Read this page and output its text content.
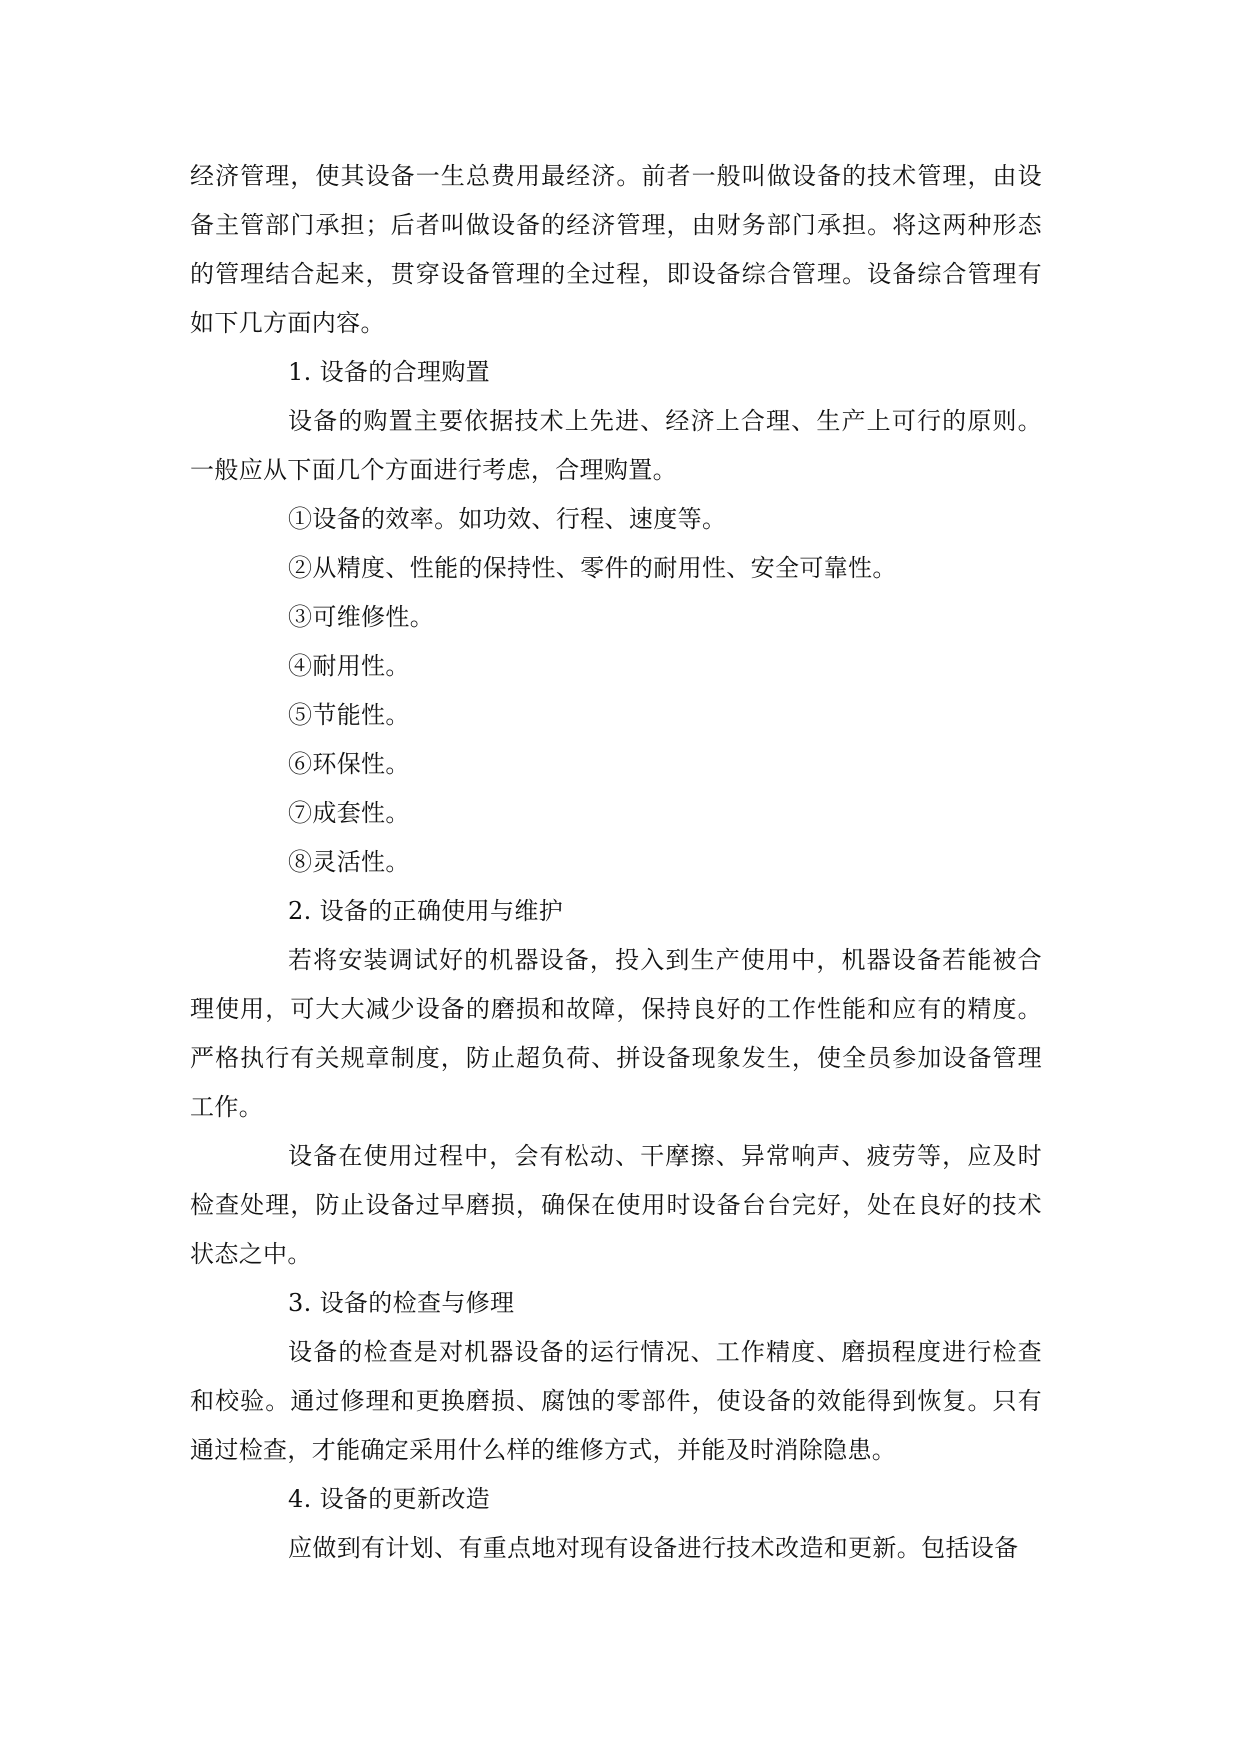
经济管理，使其设备一生总费用最经济。前者一般叫做设备的技术管理，由设备主管部门承担；后者叫做设备的经济管理，由财务部门承担。将这两种形态的管理结合起来，贯穿设备管理的全过程，即设备综合管理。设备综合管理有如下几方面内容。

1. 设备的合理购置

设备的购置主要依据技术上先进、经济上合理、生产上可行的原则。一般应从下面几个方面进行考虑，合理购置。

①设备的效率。如功效、行程、速度等。

②从精度、性能的保持性、零件的耐用性、安全可靠性。

③可维修性。

④耐用性。

⑤节能性。

⑥环保性。

⑦成套性。

⑧灵活性。

2. 设备的正确使用与维护

若将安装调试好的机器设备，投入到生产使用中，机器设备若能被合理使用，可大大减少设备的磨损和故障，保持良好的工作性能和应有的精度。严格执行有关规章制度，防止超负荷、拼设备现象发生，使全员参加设备管理工作。

设备在使用过程中，会有松动、干摩擦、异常响声、疲劳等，应及时检查处理，防止设备过早磨损，确保在使用时设备台台完好，处在良好的技术状态之中。

3. 设备的检查与修理

设备的检查是对机器设备的运行情况、工作精度、磨损程度进行检查和校验。通过修理和更换磨损、腐蚀的零部件，使设备的效能得到恢复。只有通过检查，才能确定采用什么样的维修方式，并能及时消除隐患。

4. 设备的更新改造

应做到有计划、有重点地对现有设备进行技术改造和更新。包括设备
